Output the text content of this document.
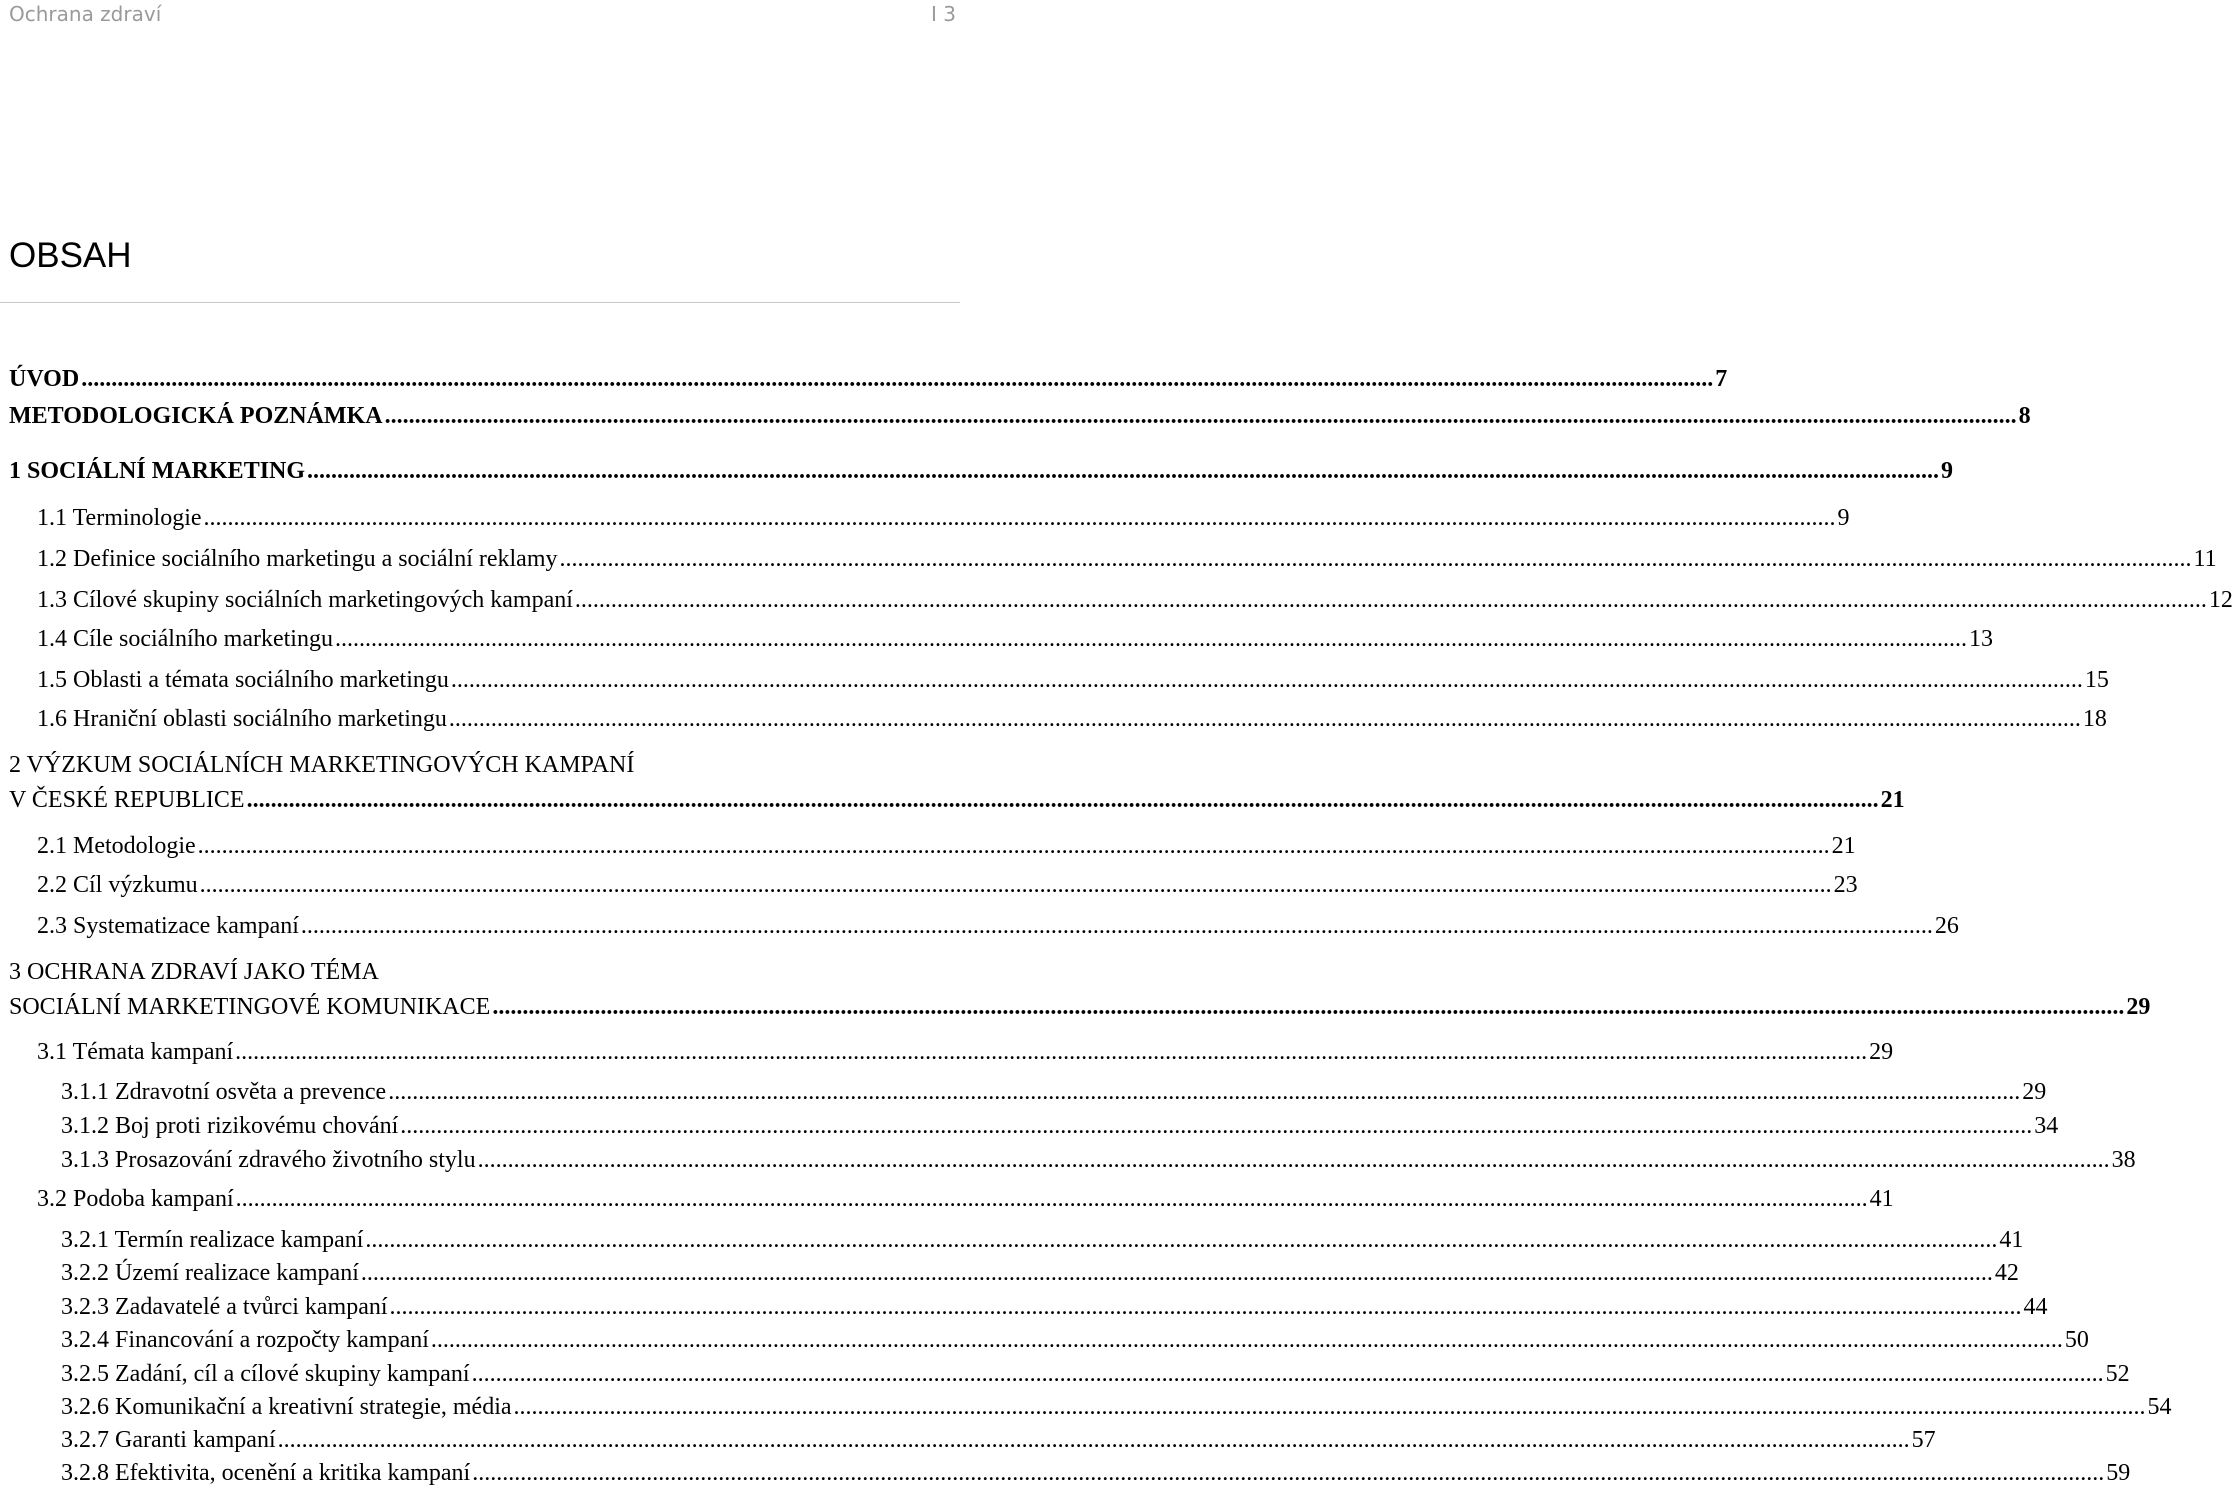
Ochrana zdraví	I 3
OBSAH
ÚVOD ................................................................................................................................................................................................................................................................................ 7
METODOLOGICKÁ POZNÁMKA ................................................................................................................................................................................................................................................................................ 8
1 SOCIÁLNÍ MARKETING ................................................................................................................................................................................................................................................................................ 9
1.1 Terminologie ................................................................................................................................................................................................................................................................................ 9
1.2 Definice sociálního marketingu a sociální reklamy ................................................................................................................................................................................................................................................................................ 11
1.3 Cílové skupiny sociálních marketingových kampaní ................................................................................................................................................................................................................................................................................ 12
1.4 Cíle sociálního marketingu ................................................................................................................................................................................................................................................................................ 13
1.5 Oblasti a témata sociálního marketingu ................................................................................................................................................................................................................................................................................ 15
1.6 Hraniční oblasti sociálního marketingu ................................................................................................................................................................................................................................................................................ 18
2 VÝZKUM SOCIÁLNÍCH MARKETINGOVÝCH KAMPANÍ
V ČESKÉ REPUBLICE ................................................................................................................................................................................................................................................................................ 21
2.1 Metodologie ................................................................................................................................................................................................................................................................................ 21
2.2 Cíl výzkumu ................................................................................................................................................................................................................................................................................ 23
2.3 Systematizace kampaní ................................................................................................................................................................................................................................................................................ 26
3 OCHRANA ZDRAVÍ JAKO TÉMA
SOCIÁLNÍ MARKETINGOVÉ KOMUNIKACE ................................................................................................................................................................................................................................................................................ 29
3.1 Témata kampaní ................................................................................................................................................................................................................................................................................ 29
3.1.1 Zdravotní osvěta a prevence ................................................................................................................................................................................................................................................................................ 29
3.1.2 Boj proti rizikovému chování ................................................................................................................................................................................................................................................................................ 34
3.1.3 Prosazování zdravého životního stylu ................................................................................................................................................................................................................................................................................ 38
3.2 Podoba kampaní ................................................................................................................................................................................................................................................................................ 41
3.2.1 Termín realizace kampaní ................................................................................................................................................................................................................................................................................ 41
3.2.2 Území realizace kampaní ................................................................................................................................................................................................................................................................................ 42
3.2.3 Zadavatelé a tvůrci kampaní ................................................................................................................................................................................................................................................................................ 44
3.2.4 Financování a rozpočty kampaní ................................................................................................................................................................................................................................................................................ 50
3.2.5 Zadání, cíl a cílové skupiny kampaní ................................................................................................................................................................................................................................................................................ 52
3.2.6 Komunikační a kreativní strategie, média ................................................................................................................................................................................................................................................................................ 54
3.2.7 Garanti kampaní ................................................................................................................................................................................................................................................................................ 57
3.2.8 Efektivita, ocenění a kritika kampaní ................................................................................................................................................................................................................................................................................ 59
